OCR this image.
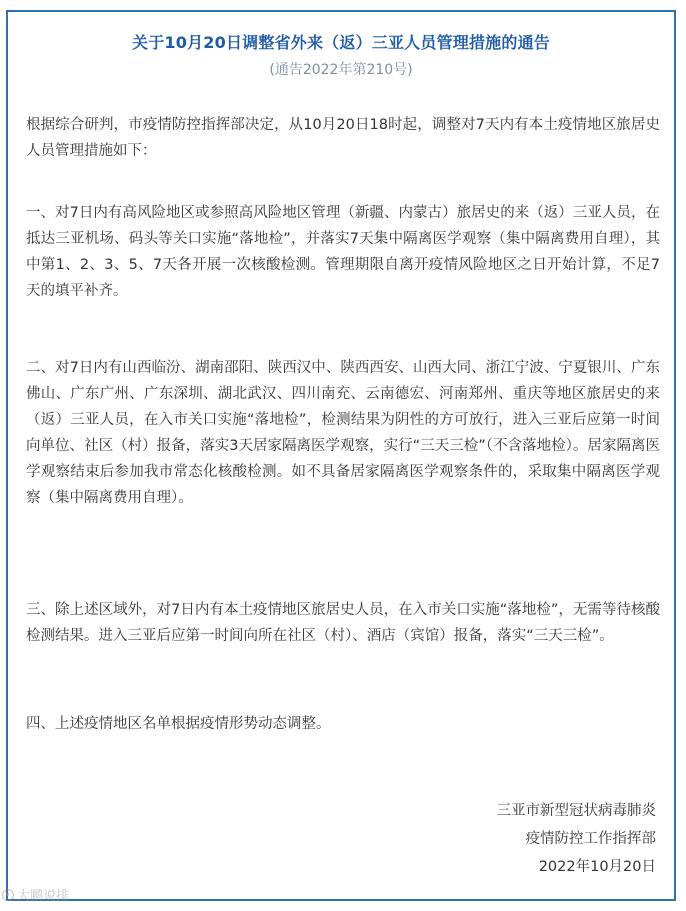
关于10月20日调整省外来（返）三亚人员管理措施的通告
(通告2022年第210号)

根据综合研判，市疫情防控指挥部决定，从10月20日18时起，调整对7天内有本土疫情地区旅居史人员管理措施如下：

一、对7日内有高风险地区或参照高风险地区管理（新疆、内蒙古）旅居史的来（返）三亚人员，在抵达三亚机场、码头等关口实施“落地检”，并落实7天集中隔离医学观察（集中隔离费用自理），其中第1、2、3、5、7天各开展一次核酸检测。管理期限自离开疫情风险地区之日开始计算，不足7天的填平补齐。

二、对7日内有山西临汾、湖南邵阳、陕西汉中、陕西西安、山西大同、浙江宁波、宁夏银川、广东佛山、广东广州、广东深圳、湖北武汉、四川南充、云南德宏、河南郑州、重庆等地区旅居史的来（返）三亚人员，在入市关口实施“落地检”，检测结果为阴性的方可放行，进入三亚后应第一时间向单位、社区（村）报备，落实3天居家隔离医学观察，实行“三天三检”（不含落地检）。居家隔离医学观察结束后参加我市常态化核酸检测。如不具备居家隔离医学观察条件的，采取集中隔离医学观察（集中隔离费用自理）。

三、除上述区域外，对7日内有本土疫情地区旅居史人员，在入市关口实施“落地检”，无需等待核酸检测结果。进入三亚后应第一时间向所在社区（村）、酒店（宾馆）报备，落实“三天三检”。

四、上述疫情地区名单根据疫情形势动态调整。

三亚市新型冠状病毒肺炎
疫情防控工作指挥部
2022年10月20日
大鹏说排
